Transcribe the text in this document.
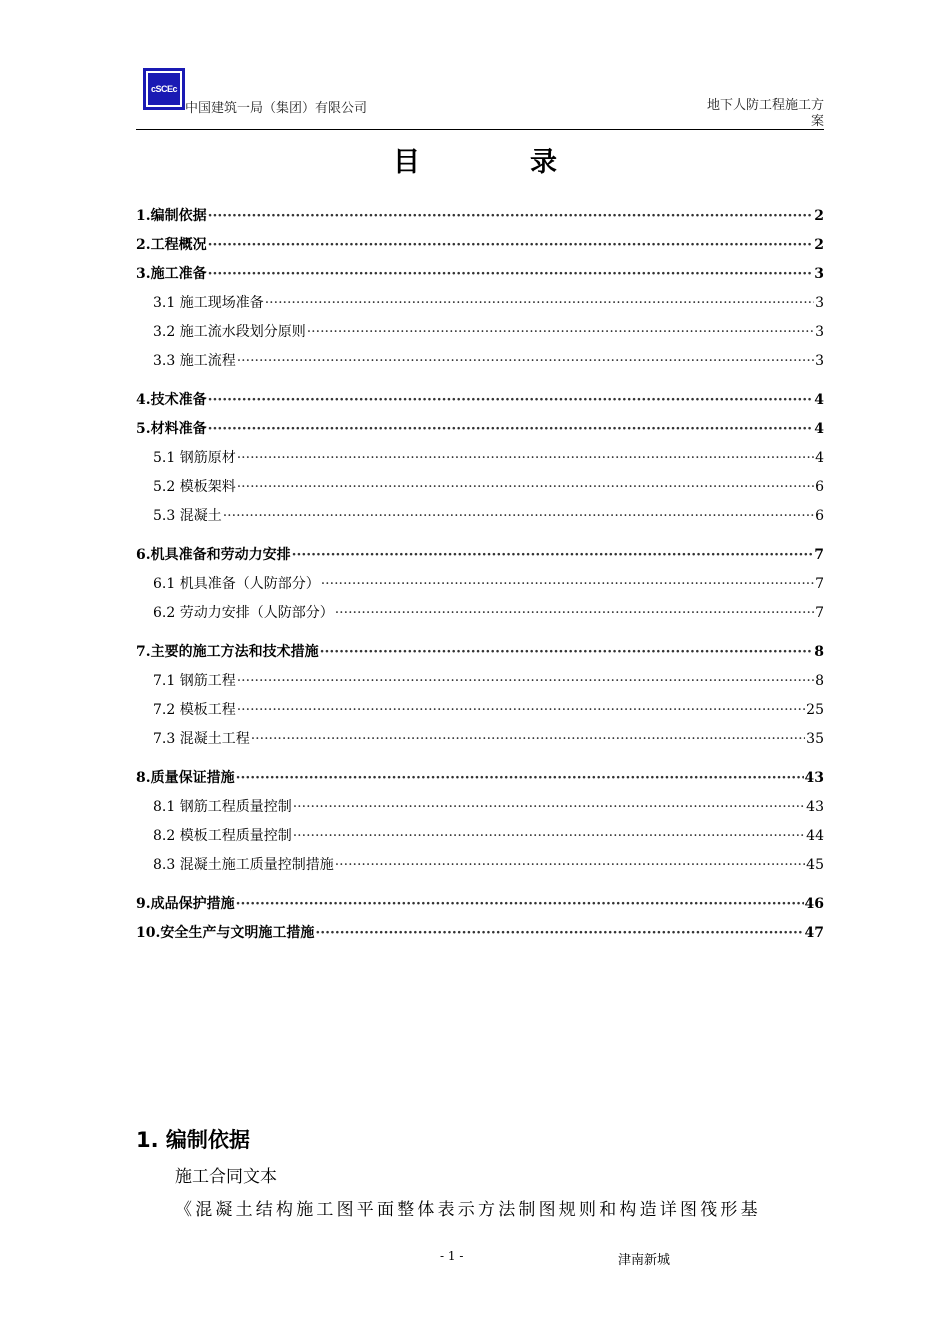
cSCEc
中国建筑一局（集团）有限公司	地下人防工程施工方
案
目录
1.编制依据 ·····	2
2.工程概况 ·····	2
3.施工准备 ·····	3
3.1 施工现场准备 ·····	3
3.2 施工流水段划分原则 ·····	3
3.3 施工流程 ·····	3
4.技术准备 ·····	4
5.材料准备 ·····	4
5.1 钢筋原材 ·····	4
5.2 模板架料 ·····	6
5.3 混凝土 ·····	6
6.机具准备和劳动力安排 ·····	7
6.1 机具准备（人防部分） ·····	7
6.2 劳动力安排（人防部分） ·····	7
7.主要的施工方法和技术措施 ·····	8
7.1 钢筋工程 ·····	8
7.2 模板工程 ·····	25
7.3 混凝土工程 ·····	35
8.质量保证措施 ·····	43
8.1 钢筋工程质量控制 ·····	43
8.2 模板工程质量控制 ·····	44
8.3 混凝土施工质量控制措施 ·····	45
9.成品保护措施 ·····	46
10.安全生产与文明施工措施 ·····	47
1. 编制依据
施工合同文本
《混凝土结构施工图平面整体表示方法制图规则和构造详图筏形基
- 1 -	津南新城
